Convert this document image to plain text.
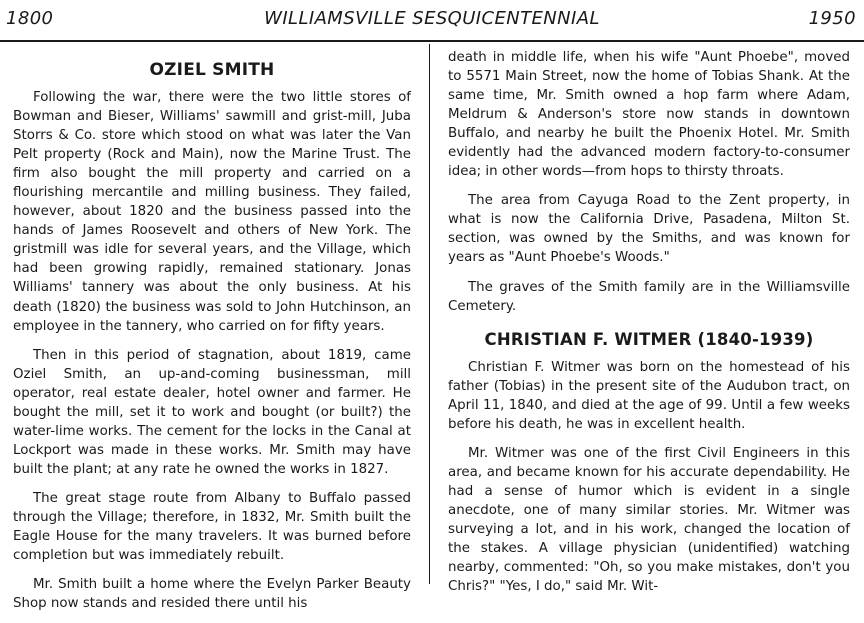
1800	WILLIAMSVILLE SESQUICENTENNIAL	1950
OZIEL SMITH

Following the war, there were the two little stores of Bowman and Bieser, Williams' sawmill and grist-mill, Juba Storrs & Co. store which stood on what was later the Van Pelt property (Rock and Main), now the Marine Trust. The firm also bought the mill property and carried on a flourishing mercantile and milling business. They failed, however, about 1820 and the business passed into the hands of James Roosevelt and others of New York. The gristmill was idle for several years, and the Village, which had been growing rapidly, remained stationary. Jonas Williams' tannery was about the only business. At his death (1820) the business was sold to John Hutchinson, an employee in the tannery, who carried on for fifty years.

Then in this period of stagnation, about 1819, came Oziel Smith, an up-and-coming businessman, mill operator, real estate dealer, hotel owner and farmer. He bought the mill, set it to work and bought (or built?) the water-lime works. The cement for the locks in the Canal at Lockport was made in these works. Mr. Smith may have built the plant; at any rate he owned the works in 1827.

The great stage route from Albany to Buffalo passed through the Village; therefore, in 1832, Mr. Smith built the Eagle House for the many travelers. It was burned before completion but was immediately rebuilt.

Mr. Smith built a home where the Evelyn Parker Beauty Shop now stands and resided there until his

death in middle life, when his wife "Aunt Phoebe", moved to 5571 Main Street, now the home of Tobias Shank. At the same time, Mr. Smith owned a hop farm where Adam, Meldrum & Anderson's store now stands in downtown Buffalo, and nearby he built the Phoenix Hotel. Mr. Smith evidently had the advanced modern factory-to-consumer idea; in other words—from hops to thirsty throats.

The area from Cayuga Road to the Zent property, in what is now the California Drive, Pasadena, Milton St. section, was owned by the Smiths, and was known for years as "Aunt Phoebe's Woods."

The graves of the Smith family are in the Williamsville Cemetery.

CHRISTIAN F. WITMER (1840-1939)

Christian F. Witmer was born on the homestead of his father (Tobias) in the present site of the Audubon tract, on April 11, 1840, and died at the age of 99. Until a few weeks before his death, he was in excellent health.

Mr. Witmer was one of the first Civil Engineers in this area, and became known for his accurate dependability. He had a sense of humor which is evident in a single anecdote, one of many similar stories. Mr. Witmer was surveying a lot, and in his work, changed the location of the stakes. A village physician (unidentified) watching nearby, commented: "Oh, so you make mistakes, don't you Chris?" "Yes, I do," said Mr. Wit-
